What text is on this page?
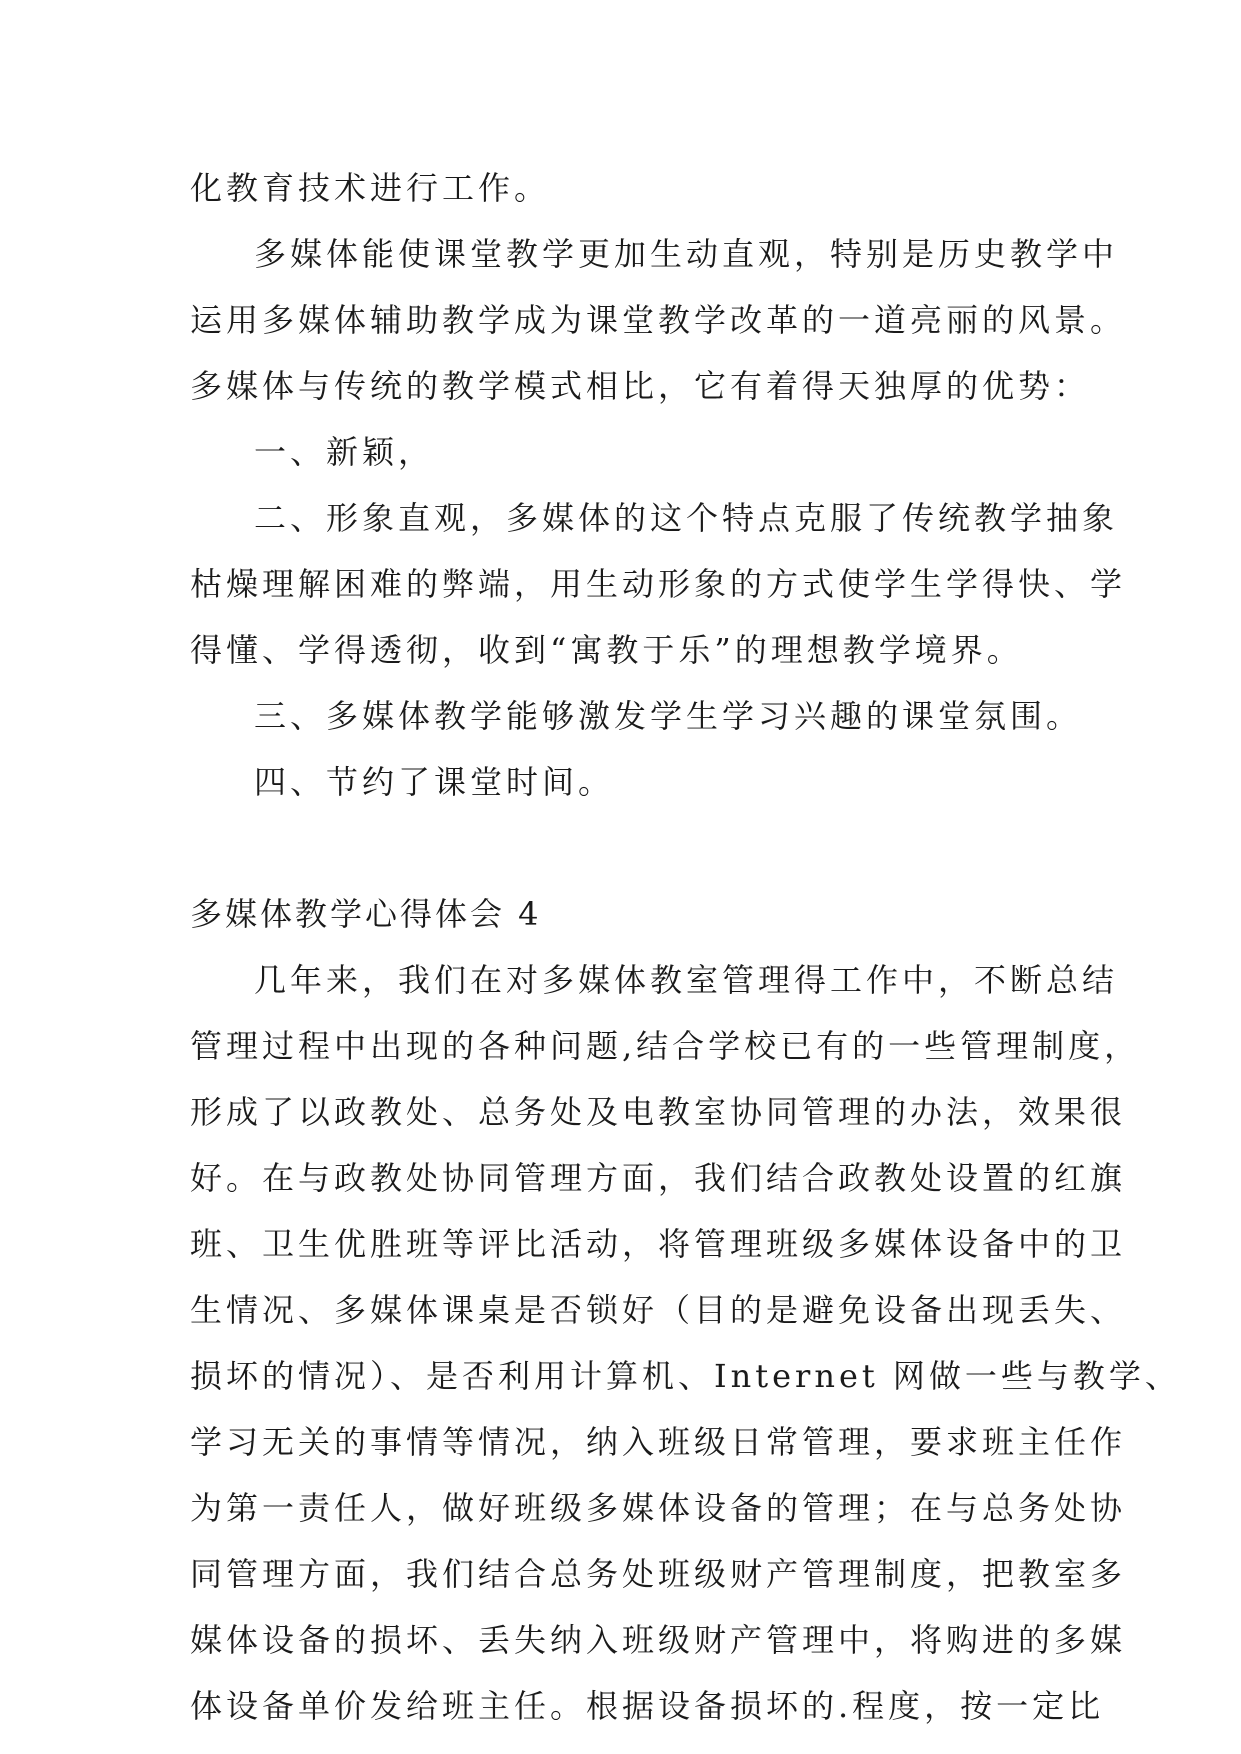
化教育技术进行工作。
多媒体能使课堂教学更加生动直观，特别是历史教学中
运用多媒体辅助教学成为课堂教学改革的一道亮丽的风景。
多媒体与传统的教学模式相比，它有着得天独厚的优势：
一、新颖，
二、形象直观，多媒体的这个特点克服了传统教学抽象
枯燥理解困难的弊端，用生动形象的方式使学生学得快、学
得懂、学得透彻，收到“寓教于乐”的理想教学境界。
三、多媒体教学能够激发学生学习兴趣的课堂氛围。
四、节约了课堂时间。
多媒体教学心得体会 4
几年来，我们在对多媒体教室管理得工作中，不断总结
管理过程中出现的各种问题,结合学校已有的一些管理制度，
形成了以政教处、总务处及电教室协同管理的办法，效果很
好。在与政教处协同管理方面，我们结合政教处设置的红旗
班、卫生优胜班等评比活动，将管理班级多媒体设备中的卫
生情况、多媒体课桌是否锁好（目的是避免设备出现丢失、
损坏的情况）、是否利用计算机、Internet 网做一些与教学、
学习无关的事情等情况，纳入班级日常管理，要求班主任作
为第一责任人，做好班级多媒体设备的管理；在与总务处协
同管理方面，我们结合总务处班级财产管理制度，把教室多
媒体设备的损坏、丢失纳入班级财产管理中，将购进的多媒
体设备单价发给班主任。根据设备损坏的.程度，按一定比
